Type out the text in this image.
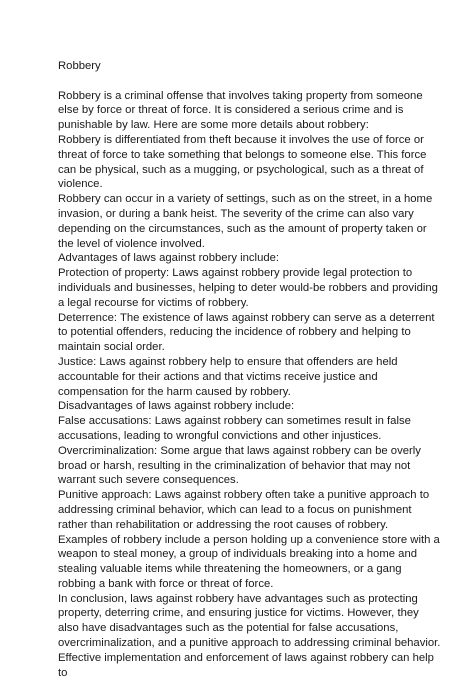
Robbery

Robbery is a criminal offense that involves taking property from someone else by force or threat of force. It is considered a serious crime and is punishable by law. Here are some more details about robbery:

Robbery is differentiated from theft because it involves the use of force or threat of force to take something that belongs to someone else. This force can be physical, such as a mugging, or psychological, such as a threat of violence.

Robbery can occur in a variety of settings, such as on the street, in a home invasion, or during a bank heist. The severity of the crime can also vary depending on the circumstances, such as the amount of property taken or the level of violence involved.

Advantages of laws against robbery include:

Protection of property: Laws against robbery provide legal protection to individuals and businesses, helping to deter would-be robbers and providing a legal recourse for victims of robbery.

Deterrence: The existence of laws against robbery can serve as a deterrent to potential offenders, reducing the incidence of robbery and helping to maintain social order.

Justice: Laws against robbery help to ensure that offenders are held accountable for their actions and that victims receive justice and compensation for the harm caused by robbery.

Disadvantages of laws against robbery include:

False accusations: Laws against robbery can sometimes result in false accusations, leading to wrongful convictions and other injustices.

Overcriminalization: Some argue that laws against robbery can be overly broad or harsh, resulting in the criminalization of behavior that may not warrant such severe consequences.

Punitive approach: Laws against robbery often take a punitive approach to addressing criminal behavior, which can lead to a focus on punishment rather than rehabilitation or addressing the root causes of robbery.

Examples of robbery include a person holding up a convenience store with a weapon to steal money, a group of individuals breaking into a home and stealing valuable items while threatening the homeowners, or a gang robbing a bank with force or threat of force.

In conclusion, laws against robbery have advantages such as protecting property, deterring crime, and ensuring justice for victims. However, they also have disadvantages such as the potential for false accusations, overcriminalization, and a punitive approach to addressing criminal behavior.

Effective implementation and enforcement of laws against robbery can help to
